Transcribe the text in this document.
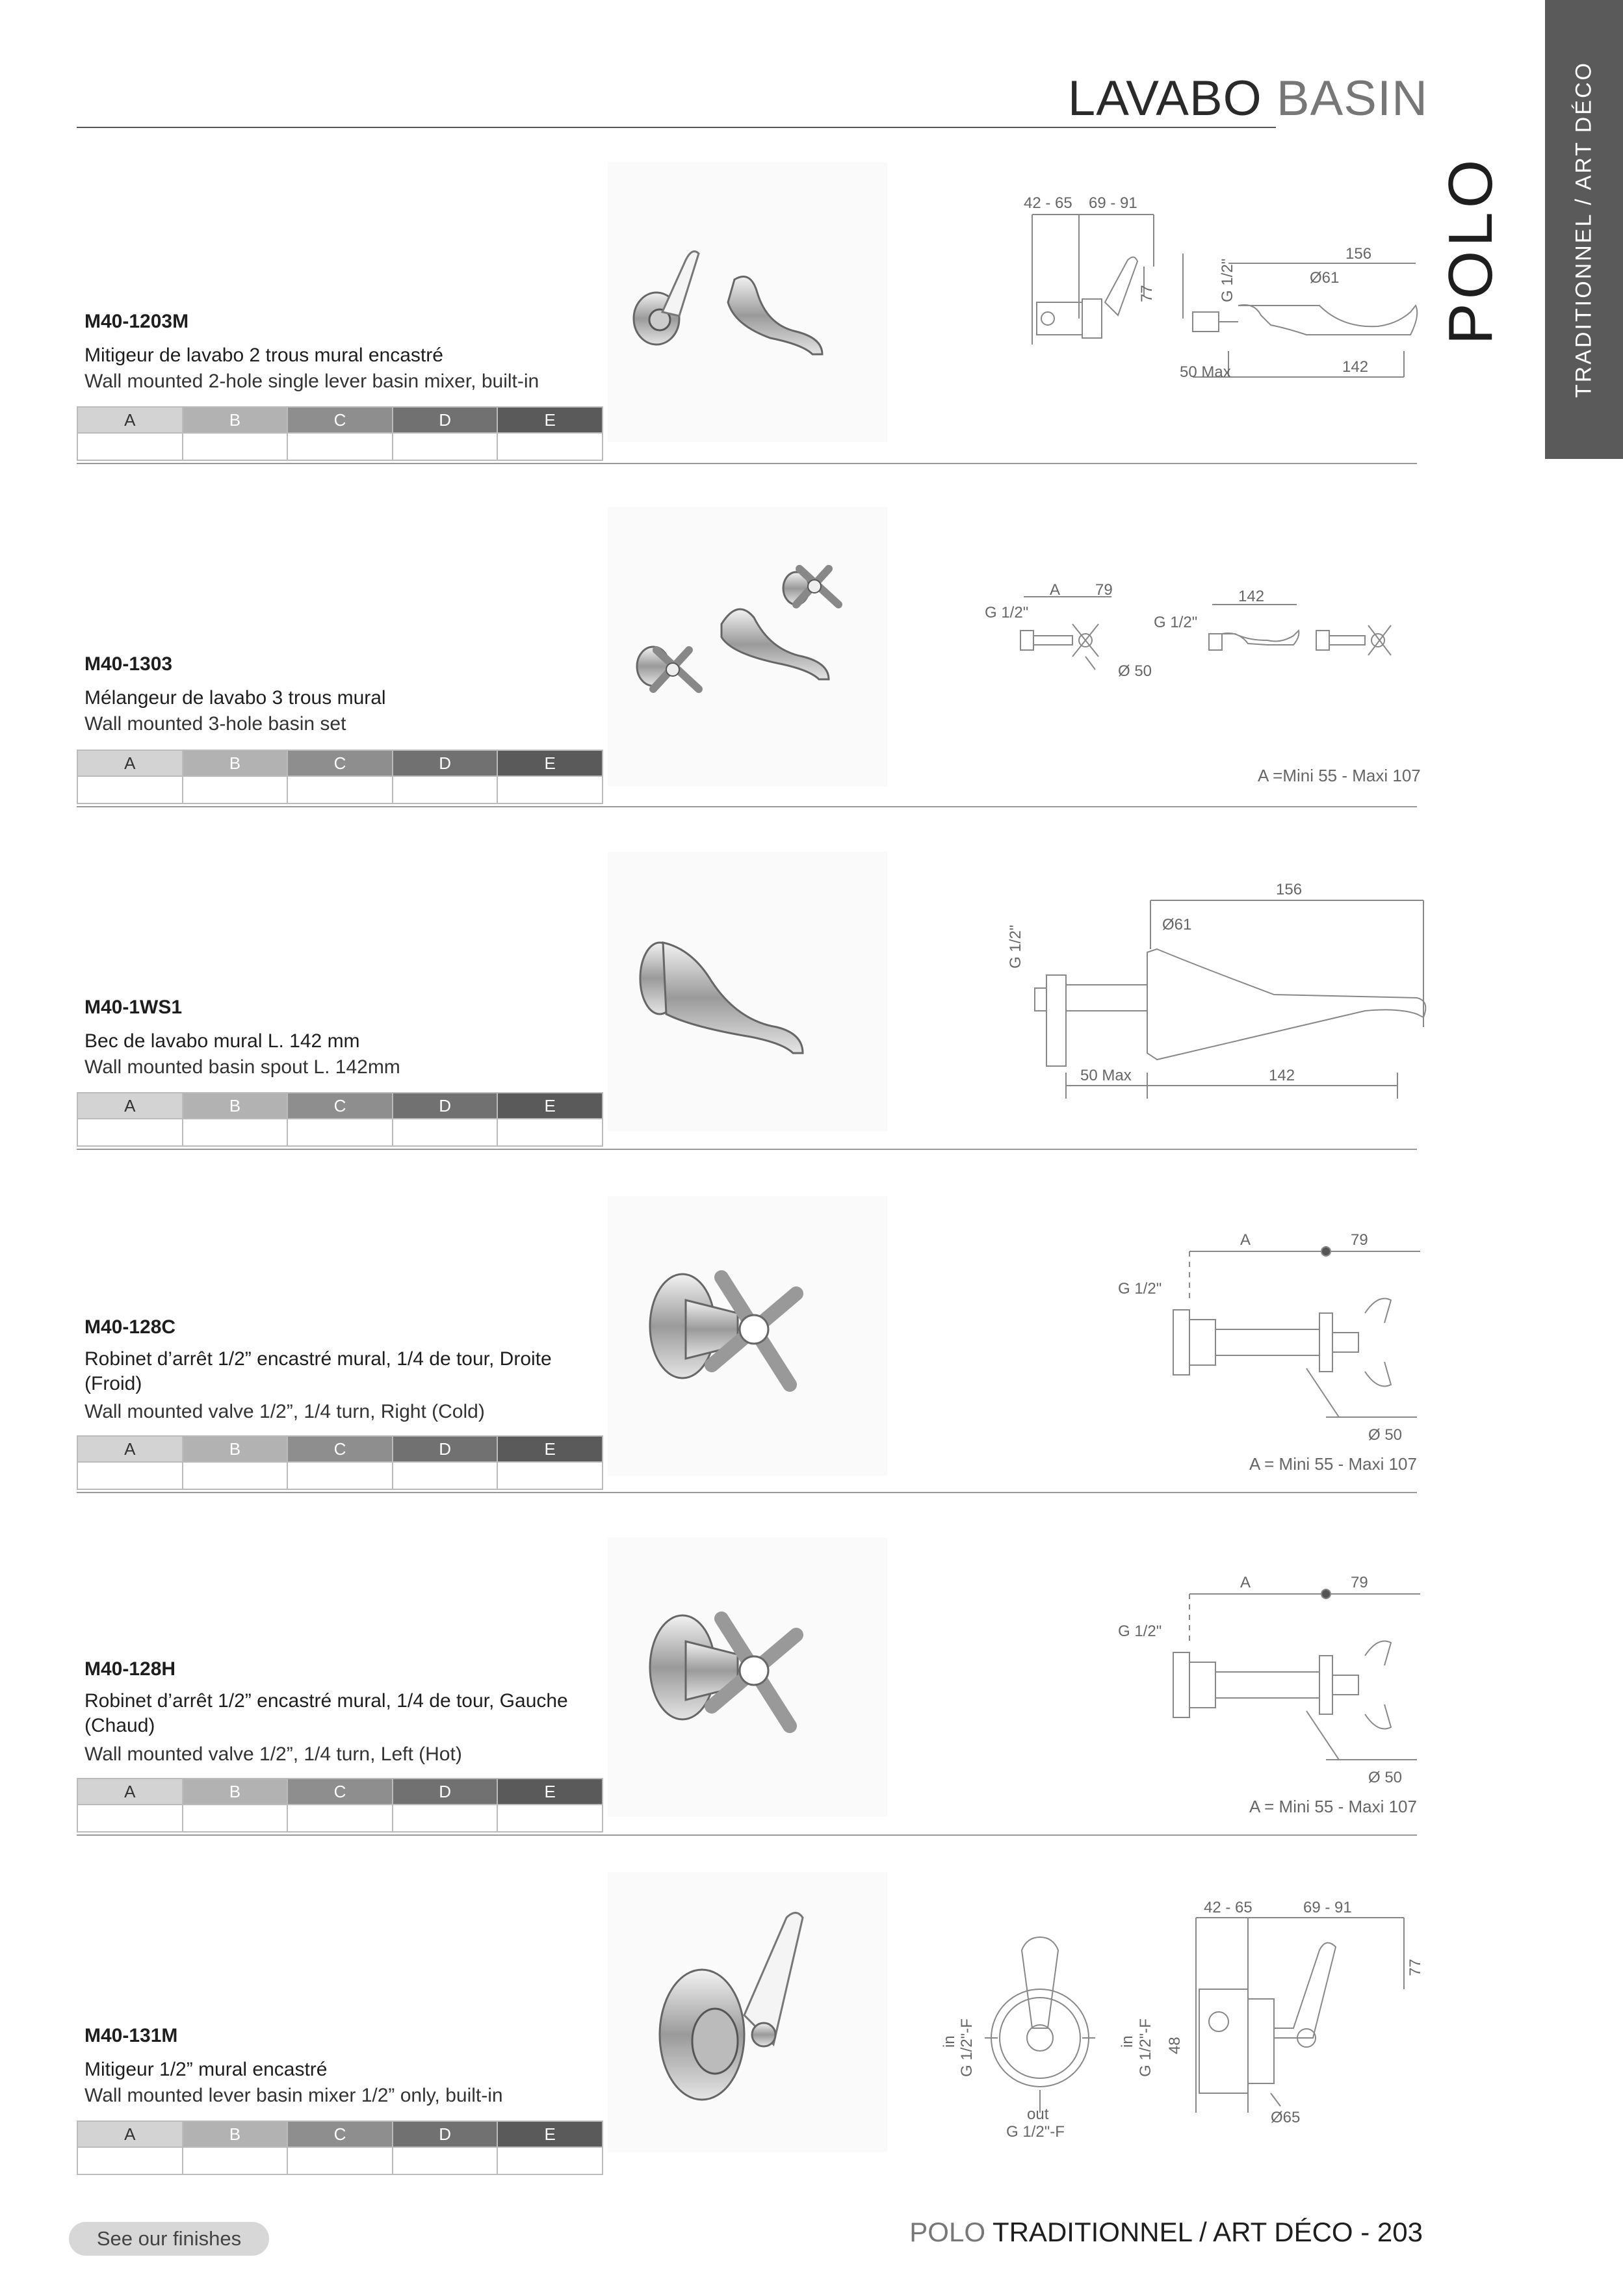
LAVABO BASIN	TRADITIONNEL / ART DÉCO
POLO
42 - 65 69 - 91
77	G 1/2"
156
Ø61
50 Max	142
M40-1203M
Mitigeur de lavabo 2 trous mural encastré
Wall mounted 2-hole single lever basin mixer, built-in
A	B	C	D	E

A 79
G 1/2"
Ø 50
142
G 1/2"
A =Mini 55 - Maxi 107
M40-1303
Mélangeur de lavabo 3 trous mural
Wall mounted 3-hole basin set
A	B	C	D	E

156
Ø61
G 1/2"
50 Max	142
M40-1WS1
Bec de lavabo mural L. 142 mm
Wall mounted basin spout L. 142mm
A	B	C	D	E

A	79
G 1/2"
Ø 50
A = Mini 55 - Maxi 107
M40-128C
Robinet d’arrêt 1/2” encastré mural, 1/4 de tour, Droite (Froid)
Wall mounted valve 1/2”, 1/4 turn, Right (Cold)
A	B	C	D	E

A	79
G 1/2"
Ø 50
A = Mini 55 - Maxi 107
M40-128H
Robinet d’arrêt 1/2” encastré mural, 1/4 de tour, Gauche (Chaud)
Wall mounted valve 1/2”, 1/4 turn, Left (Hot)
A	B	C	D	E

in G 1/2"-F	in G 1/2"-F
out
G 1/2"-F
42 - 65	69 - 91
77
48
Ø65
M40-131M
Mitigeur 1/2” mural encastré
Wall mounted lever basin mixer 1/2” only, built-in
A	B	C	D	E

See our finishes	POLO TRADITIONNEL / ART DÉCO - 203
